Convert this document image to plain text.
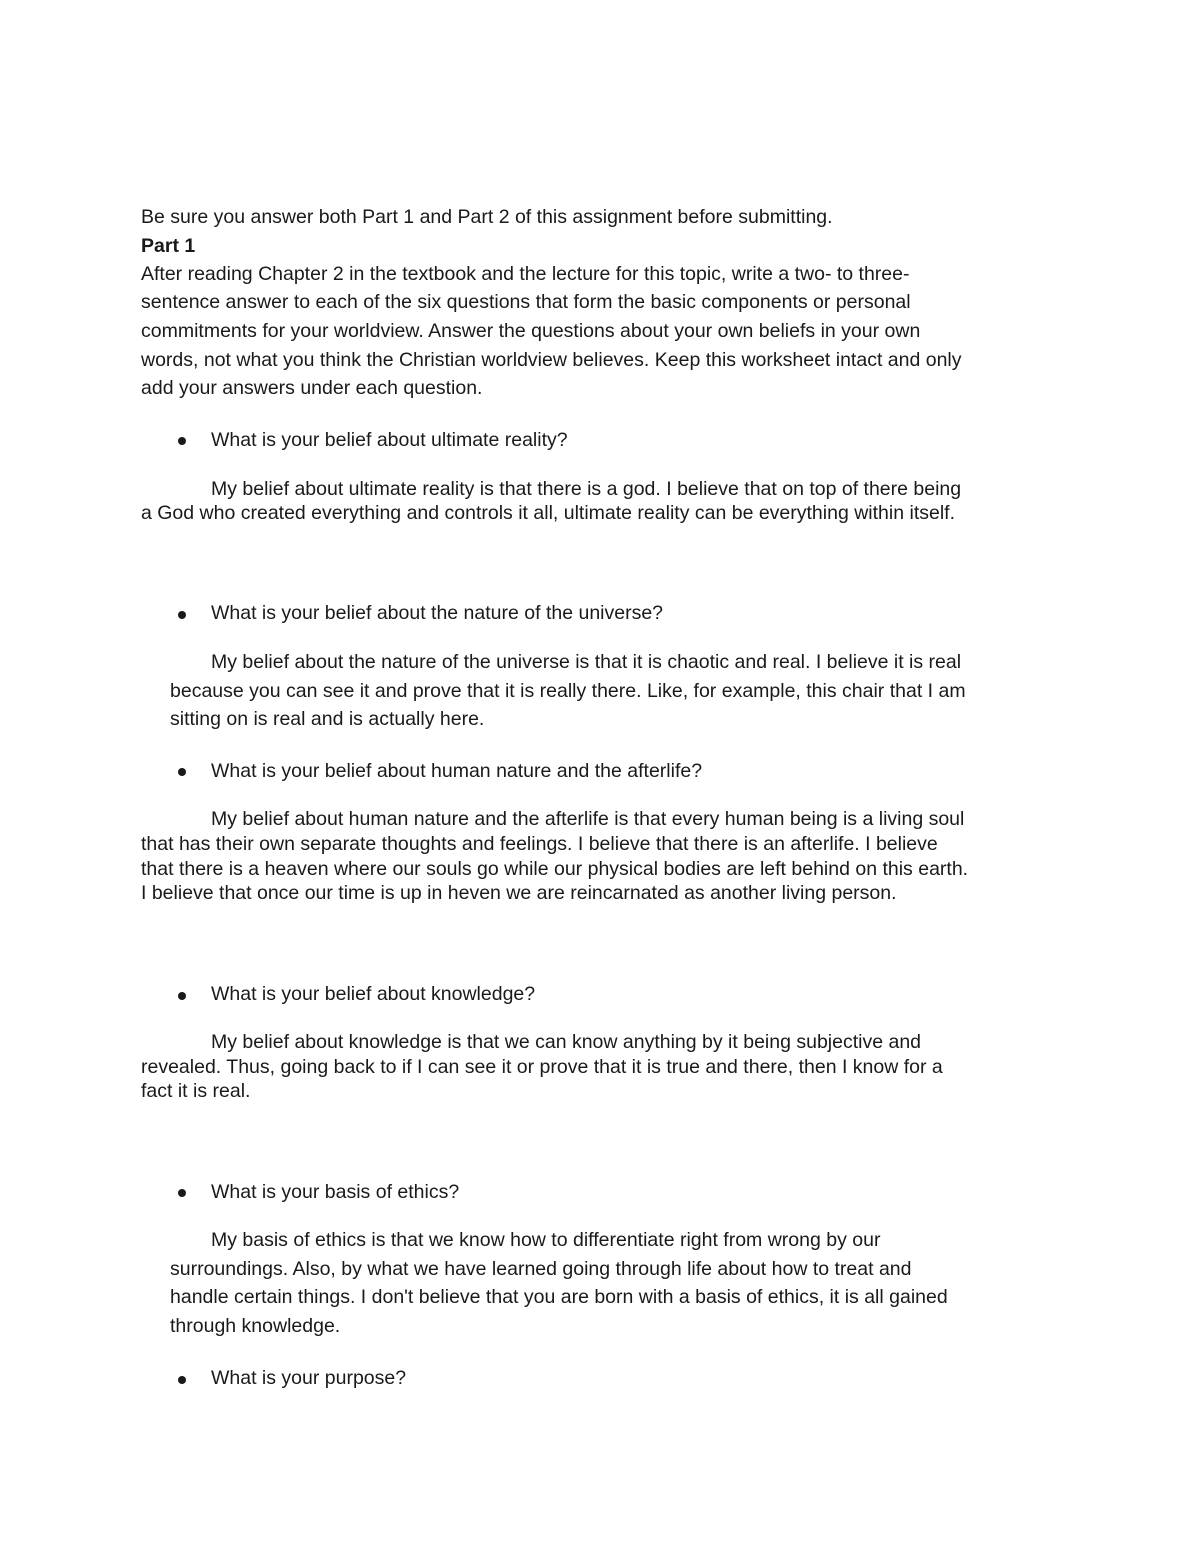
Be sure you answer both Part 1 and Part 2 of this assignment before submitting.

Part 1

After reading Chapter 2 in the textbook and the lecture for this topic, write a two- to three-

sentence answer to each of the six questions that form the basic components or personal

commitments for your worldview. Answer the questions about your own beliefs in your own

words, not what you think the Christian worldview believes. Keep this worksheet intact and only

add your answers under each question.

What is your belief about ultimate reality?

My belief about ultimate reality is that there is a god. I believe that on top of there being

a God who created everything and controls it all, ultimate reality can be everything within itself.

What is your belief about the nature of the universe?

My belief about the nature of the universe is that it is chaotic and real. I believe it is real

because you can see it and prove that it is really there. Like, for example, this chair that I am

sitting on is real and is actually here.

What is your belief about human nature and the afterlife?

My belief about human nature and the afterlife is that every human being is a living soul

that has their own separate thoughts and feelings. I believe that there is an afterlife. I believe

that there is a heaven where our souls go while our physical bodies are left behind on this earth.

I believe that once our time is up in heven we are reincarnated as another living person.

What is your belief about knowledge?

My belief about knowledge is that we can know anything by it being subjective and

revealed. Thus, going back to if I can see it or prove that it is true and there, then I know for a

fact it is real.

What is your basis of ethics?

My basis of ethics is that we know how to differentiate right from wrong by our

surroundings. Also, by what we have learned going through life about how to treat and

handle certain things. I don't believe that you are born with a basis of ethics, it is all gained

through knowledge.

What is your purpose?
